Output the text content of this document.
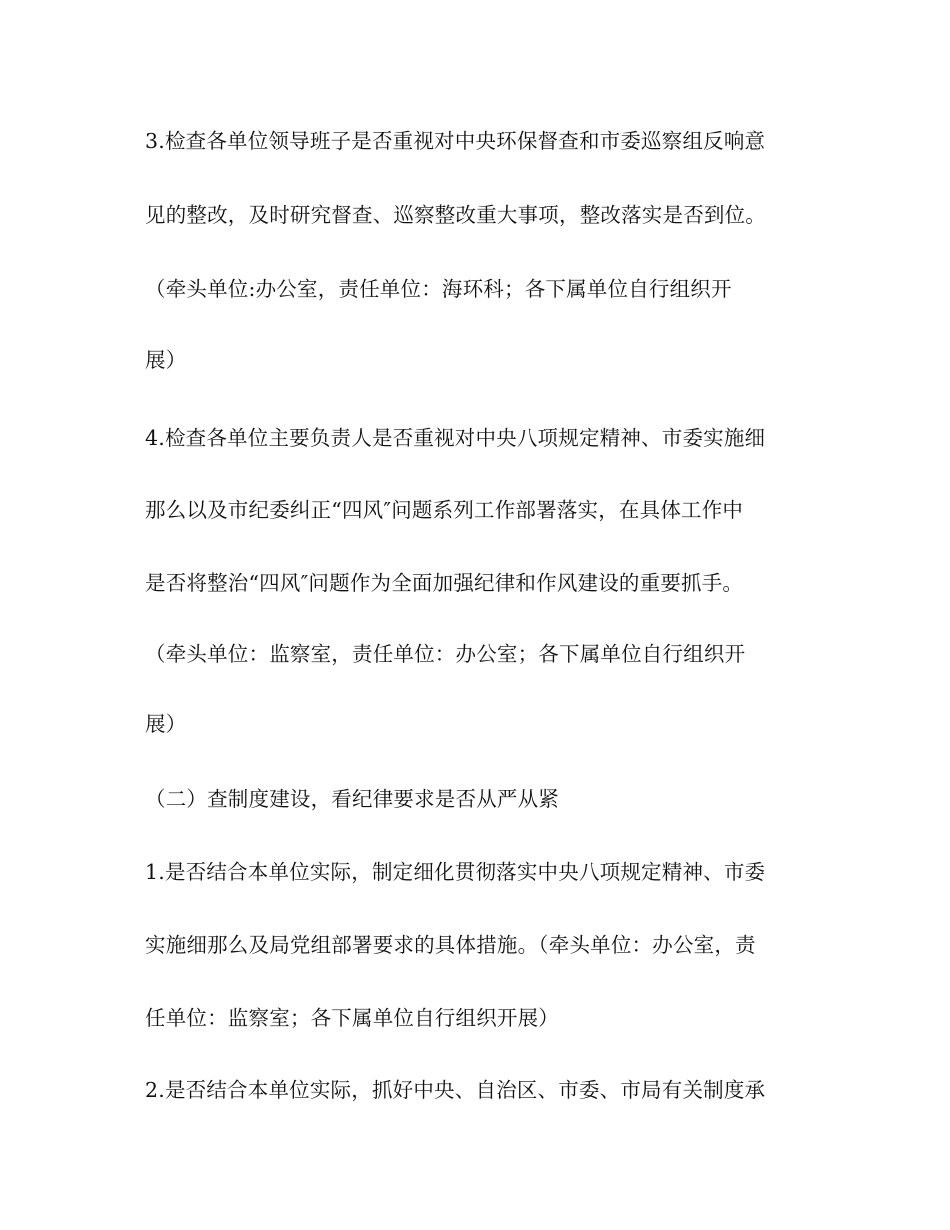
3.检查各单位领导班子是否重视对中央环保督查和市委巡察组反响意
见的整改，及时研究督查、巡察整改重大事项，整改落实是否到位。
（牵头单位:办公室，责任单位：海环科；各下属单位自行组织开
展）
4.检查各单位主要负责人是否重视对中央八项规定精神、市委实施细
那么以及市纪委纠正“四风″问题系列工作部署落实，在具体工作中
是否将整治“四风″问题作为全面加强纪律和作风建设的重要抓手。
（牵头单位：监察室，责任单位：办公室；各下属单位自行组织开
展）
（二）查制度建设，看纪律要求是否从严从紧
1.是否结合本单位实际，制定细化贯彻落实中央八项规定精神、市委
实施细那么及局党组部署要求的具体措施。（牵头单位：办公室，责
任单位：监察室；各下属单位自行组织开展）
2.是否结合本单位实际，抓好中央、自治区、市委、市局有关制度承
